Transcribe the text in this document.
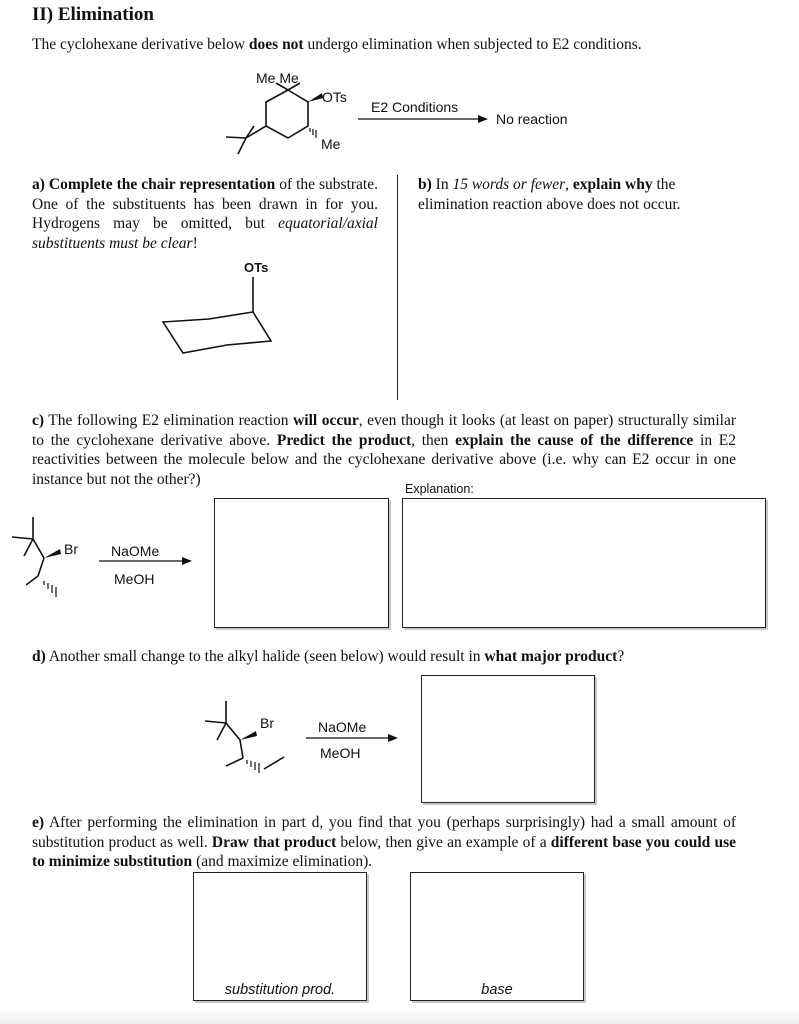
II) Elimination
The cyclohexane derivative below does not undergo elimination when subjected to E2 conditions.
Me Me
OTs
Me
E2 Conditions
No reaction
a) Complete the chair representation of the substrate. One of the substituents has been drawn in for you. Hydrogens may be omitted, but equatorial/axial substituents must be clear!
OTs
b) In 15 words or fewer, explain why the elimination reaction above does not occur.
c) The following E2 elimination reaction will occur, even though it looks (at least on paper) structurally similar to the cyclohexane derivative above. Predict the product, then explain the cause of the difference in E2 reactivities between the molecule below and the cyclohexane derivative above (i.e. why can E2 occur in one instance but not the other?)
Explanation:
Br NaOMe
MeOH
d) Another small change to the alkyl halide (seen below) would result in what major product?
Br	NaOMe
MeOH
e) After performing the elimination in part d, you find that you (perhaps surprisingly) had a small amount of substitution product as well. Draw that product below, then give an example of a different base you could use to minimize substitution (and maximize elimination).
substitution prod.	base
